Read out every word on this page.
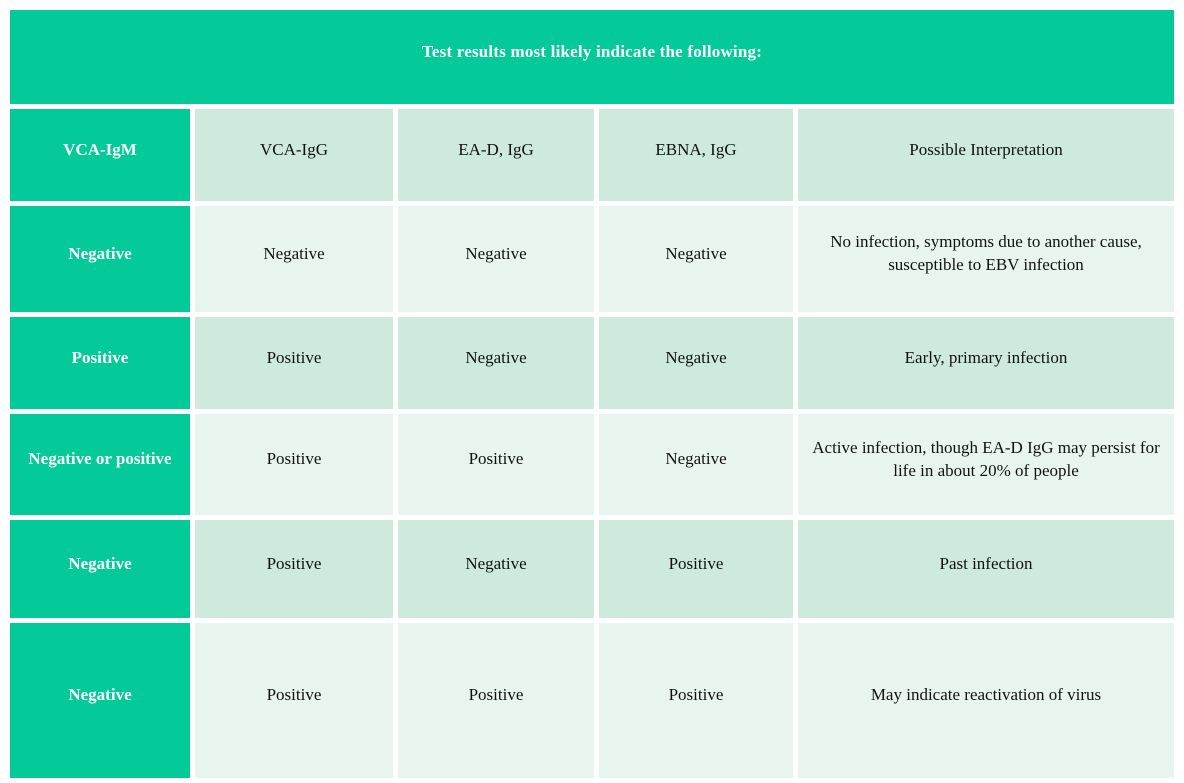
Test results most likely indicate the following:				
VCA-IgM	VCA-IgG	EA-D, IgG	EBNA, IgG	Possible Interpretation
Negative	Negative	Negative	Negative	No infection, symptoms due to another cause, susceptible to EBV infection
Positive	Positive	Negative	Negative	Early, primary infection
Negative or positive	Positive	Positive	Negative	Active infection, though EA-D IgG may persist for life in about 20% of people
Negative	Positive	Negative	Positive	Past infection
Negative	Positive	Positive	Positive	May indicate reactivation of virus
